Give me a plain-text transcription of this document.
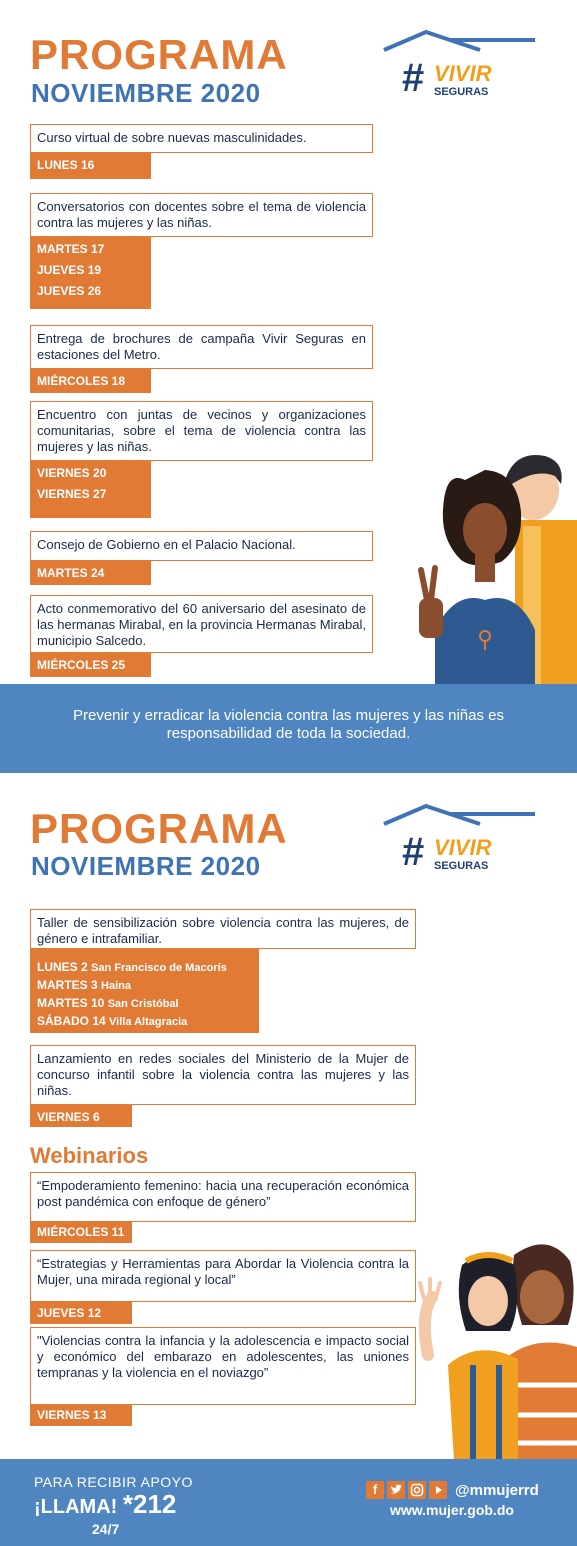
PROGRAMA
NOVIEMBRE 2020	# VIVIR
SEGURAS
Curso virtual de sobre nuevas masculinidades.
LUNES 16
Conversatorios con docentes sobre el tema de violencia contra las mujeres y las niñas.
MARTES 17
JUEVES 19
JUEVES 26
Entrega de brochures de campaña Vivir Seguras en estaciones del Metro.
MIÉRCOLES 18
Encuentro con juntas de vecinos y organizaciones comunitarias, sobre el tema de violencia contra las mujeres y las niñas.
VIERNES 20
VIERNES 27
Consejo de Gobierno en el Palacio Nacional.
MARTES 24
Acto conmemorativo del 60 aniversario del asesinato de las hermanas Mirabal, en la provincia Hermanas Mirabal, municipio Salcedo.
MIÉRCOLES 25
Prevenir y erradicar la violencia contra las mujeres y las niñas es responsabilidad de toda la sociedad.
PROGRAMA
NOVIEMBRE 2020	# VIVIR
SEGURAS
Taller de sensibilización sobre violencia contra las mujeres, de género e intrafamiliar.
LUNES 2 San Francisco de Macorís
MARTES 3 Haina
MARTES 10 San Cristóbal
SÁBADO 14 Villa Altagracia
Lanzamiento en redes sociales del Ministerio de la Mujer de concurso infantil sobre la violencia contra las mujeres y las niñas.
VIERNES 6
Webinarios
“Empoderamiento femenino: hacia una recuperación económica post pandémica con enfoque de género”
MIÉRCOLES 11
“Estrategias y Herramientas para Abordar la Violencia contra la Mujer, una mirada regional y local”
JUEVES 12
"Violencias contra la infancia y la adolescencia e impacto social y económico del embarazo en adolescentes, las uniones tempranas y la violencia en el noviazgo”
VIERNES 13
PARA RECIBIR APOYO
¡LLAMA! *212
24/7
f	@mmujerrd
www.mujer.gob.do
